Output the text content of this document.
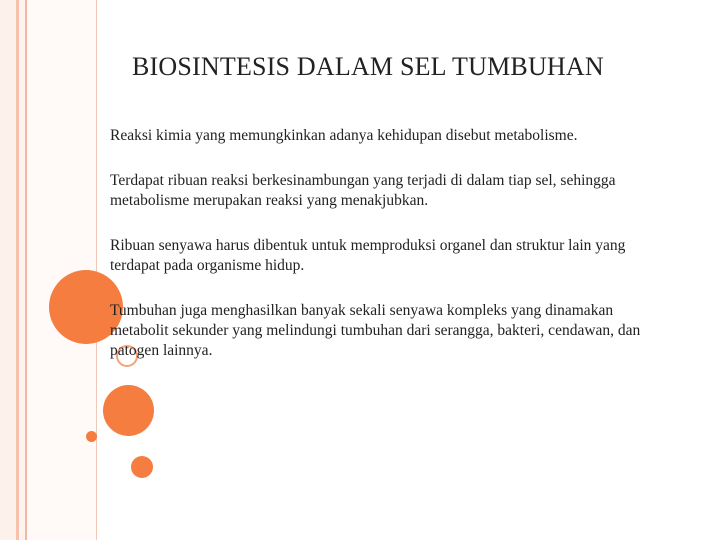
BIOSINTESIS DALAM SEL TUMBUHAN

Reaksi kimia yang memungkinkan adanya kehidupan disebut metabolisme.

Terdapat ribuan reaksi berkesinambungan yang terjadi di dalam tiap sel, sehingga metabolisme merupakan reaksi yang menakjubkan.

Ribuan senyawa harus dibentuk untuk memproduksi organel dan struktur lain yang terdapat pada organisme hidup.

Tumbuhan juga menghasilkan banyak sekali senyawa kompleks yang dinamakan metabolit sekunder yang melindungi tumbuhan dari serangga, bakteri, cendawan, dan patogen lainnya.
